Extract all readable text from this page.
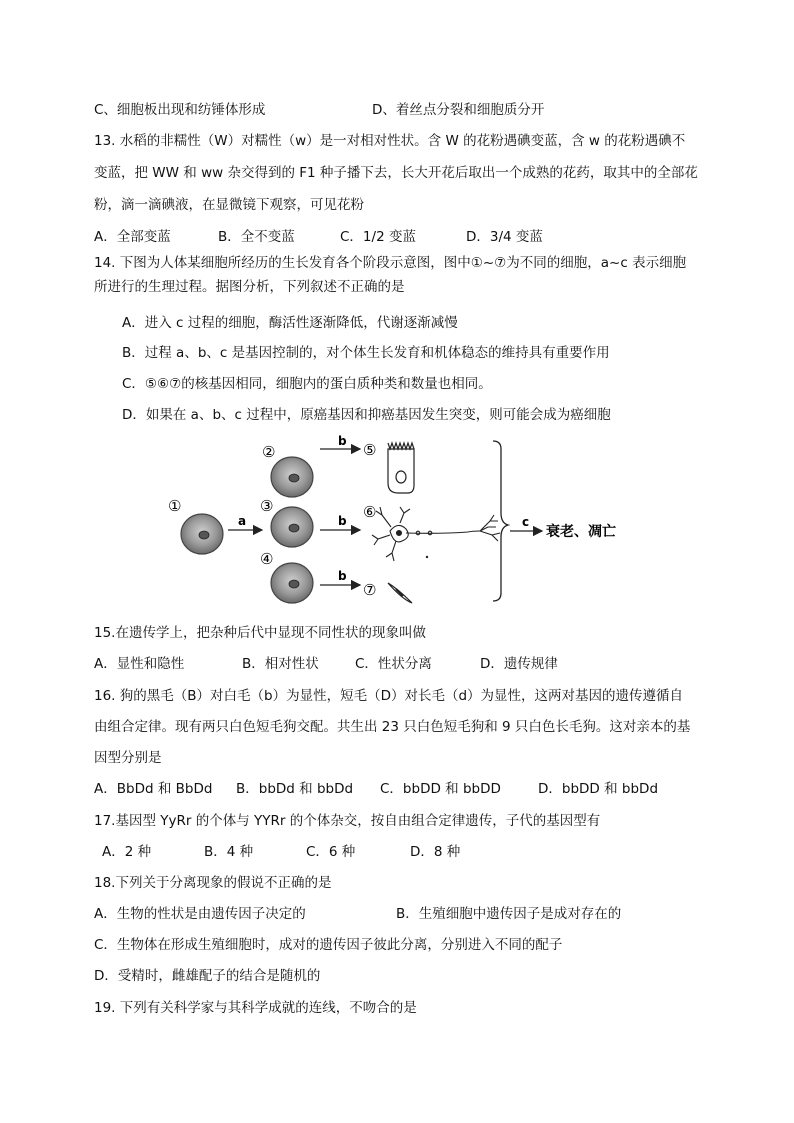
C、细胞板出现和纺锤体形成	D、着丝点分裂和细胞质分开
13. 水稻的非糯性（W）对糯性（w）是一对相对性状。含 W 的花粉遇碘变蓝，含 w 的花粉遇碘不
变蓝，把 WW 和 ww 杂交得到的 F1 种子播下去，长大开花后取出一个成熟的花药，取其中的全部花
粉，滴一滴碘液，在显微镜下观察，可见花粉
A．全部变蓝	B．全不变蓝	C．1/2 变蓝	D．3/4 变蓝
14. 下图为人体某细胞所经历的生长发育各个阶段示意图，图中①~⑦为不同的细胞，a~c 表示细胞
所进行的生理过程。据图分析，下列叙述不正确的是
A．进入 c 过程的细胞，酶活性逐渐降低，代谢逐渐减慢
B．过程 a、b、c 是基因控制的，对个体生长发育和机体稳态的维持具有重要作用
C．⑤⑥⑦的核基因相同，细胞内的蛋白质种类和数量也相同。
D．如果在 a、b、c 过程中，原癌基因和抑癌基因发生突变，则可能会成为癌细胞
①
a
②
③
④
b
b
b
⑤
⑥
⑦
c
衰老、凋亡
15.在遗传学上，把杂种后代中显现不同性状的现象叫做
A．显性和隐性	B．相对性状	C．性状分离	D．遗传规律
16. 狗的黑毛（B）对白毛（b）为显性，短毛（D）对长毛（d）为显性，这两对基因的遗传遵循自
由组合定律。现有两只白色短毛狗交配。共生出 23 只白色短毛狗和 9 只白色长毛狗。这对亲本的基
因型分别是
A．BbDd 和 BbDd B．bbDd 和 bbDd C．bbDD 和 bbDD	D．bbDD 和 bbDd
17.基因型 YyRr 的个体与 YYRr 的个体杂交，按自由组合定律遗传，子代的基因型有
A．2 种	B．4 种	C．6 种	D．8 种
18.下列关于分离现象的假说不正确的是
A．生物的性状是由遗传因子决定的	B．生殖细胞中遗传因子是成对存在的
C．生物体在形成生殖细胞时，成对的遗传因子彼此分离，分别进入不同的配子
D．受精时，雌雄配子的结合是随机的
19. 下列有关科学家与其科学成就的连线，不吻合的是
